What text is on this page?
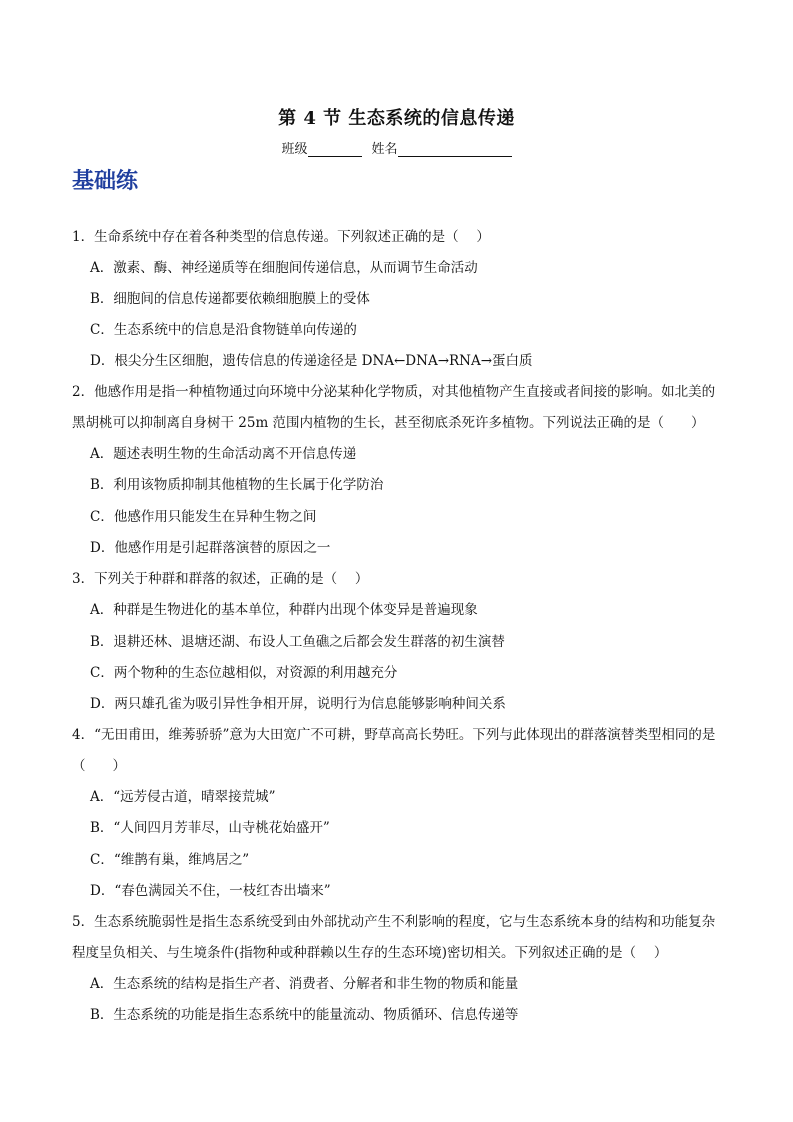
第 4 节 生态系统的信息传递
班级	姓名
基础练
1．生命系统中存在着各种类型的信息传递。下列叙述正确的是（　 ）
A．激素、酶、神经递质等在细胞间传递信息，从而调节生命活动
B．细胞间的信息传递都要依赖细胞膜上的受体
C．生态系统中的信息是沿食物链单向传递的
D．根尖分生区细胞，遗传信息的传递途径是 DNA←DNA→RNA→蛋白质
2．他感作用是指一种植物通过向环境中分泌某种化学物质，对其他植物产生直接或者间接的影响。如北美的黑胡桃可以抑制离自身树干 25m 范围内植物的生长，甚至彻底杀死许多植物。下列说法正确的是（　　）
A．题述表明生物的生命活动离不开信息传递
B．利用该物质抑制其他植物的生长属于化学防治
C．他感作用只能发生在异种生物之间
D．他感作用是引起群落演替的原因之一
3．下列关于种群和群落的叙述，正确的是（　 ）
A．种群是生物进化的基本单位，种群内出现个体变异是普遍现象
B．退耕还林、退塘还湖、布设人工鱼礁之后都会发生群落的初生演替
C．两个物种的生态位越相似，对资源的利用越充分
D．两只雄孔雀为吸引异性争相开屏，说明行为信息能够影响种间关系
4．“无田甫田，维莠骄骄”意为大田宽广不可耕，野草高高长势旺。下列与此体现出的群落演替类型相同的是（　　）
A．“远芳侵古道，晴翠接荒城”
B．“人间四月芳菲尽，山寺桃花始盛开”
C．“维鹊有巢，维鸠居之”
D．“春色满园关不住，一枝红杏出墙来”
5．生态系统脆弱性是指生态系统受到由外部扰动产生不利影响的程度，它与生态系统本身的结构和功能复杂程度呈负相关、与生境条件(指物种或种群赖以生存的生态环境)密切相关。下列叙述正确的是（　 ）
A．生态系统的结构是指生产者、消费者、分解者和非生物的物质和能量
B．生态系统的功能是指生态系统中的能量流动、物质循环、信息传递等
